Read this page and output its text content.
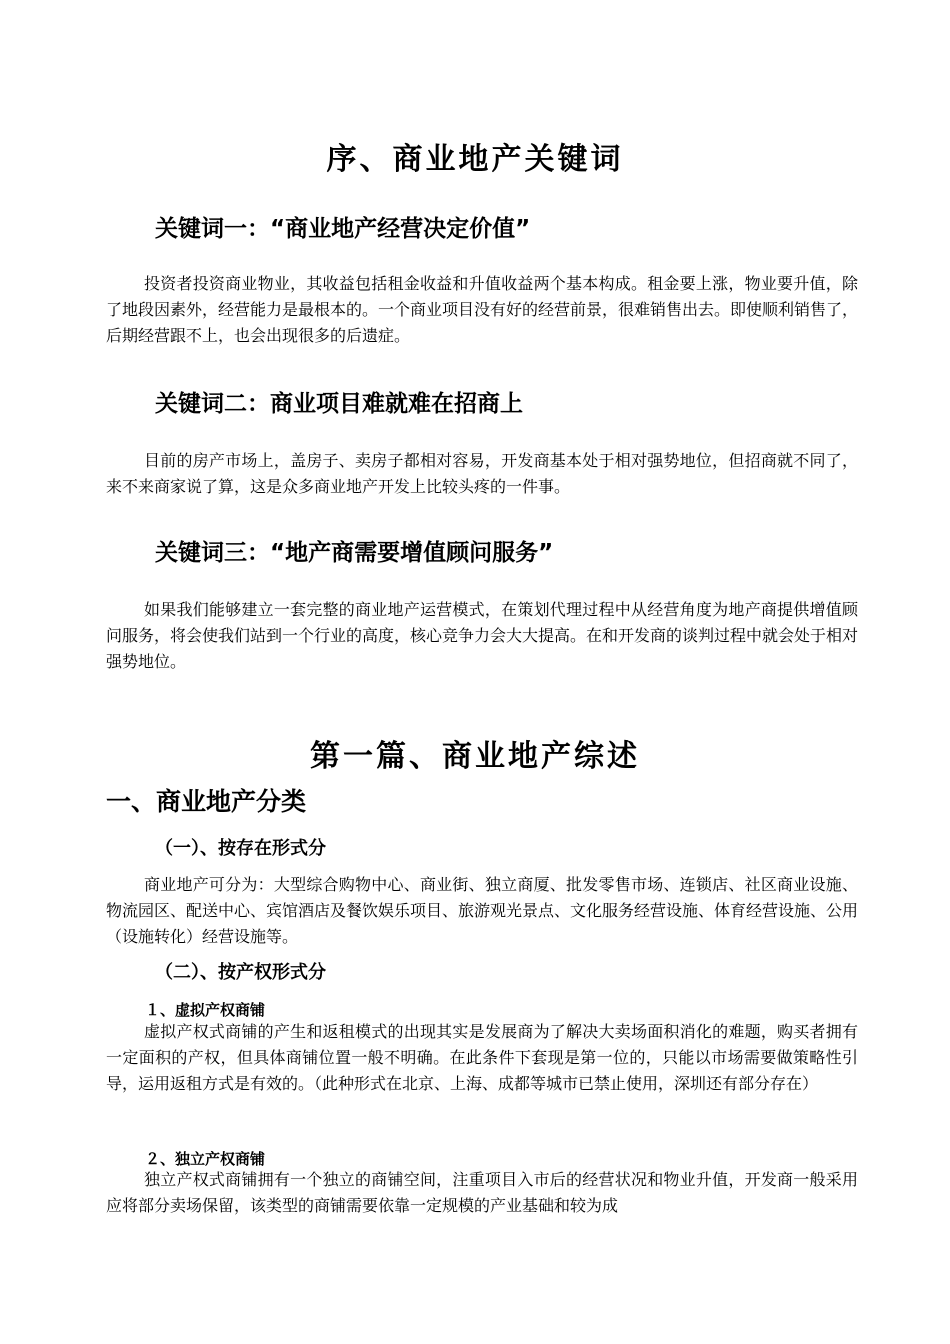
序、商业地产关键词
关键词一：“商业地产经营决定价值”

投资者投资商业物业，其收益包括租金收益和升值收益两个基本构成。租金要上涨，物业要升值，除了地段因素外，经营能力是最根本的。一个商业项目没有好的经营前景，很难销售出去。即使顺利销售了，后期经营跟不上，也会出现很多的后遗症。

关键词二：商业项目难就难在招商上

目前的房产市场上，盖房子、卖房子都相对容易，开发商基本处于相对强势地位，但招商就不同了，来不来商家说了算，这是众多商业地产开发上比较头疼的一件事。

关键词三：“地产商需要增值顾问服务”

如果我们能够建立一套完整的商业地产运营模式，在策划代理过程中从经营角度为地产商提供增值顾问服务，将会使我们站到一个行业的高度，核心竞争力会大大提高。在和开发商的谈判过程中就会处于相对强势地位。

第一篇、商业地产综述
一、商业地产分类
（一）、按存在形式分

商业地产可分为：大型综合购物中心、商业街、独立商厦、批发零售市场、连锁店、社区商业设施、物流园区、配送中心、宾馆酒店及餐饮娱乐项目、旅游观光景点、文化服务经营设施、体育经营设施、公用（设施转化）经营设施等。

（二）、按产权形式分
１、虚拟产权商铺

虚拟产权式商铺的产生和返租模式的出现其实是发展商为了解决大卖场面积消化的难题，购买者拥有一定面积的产权，但具体商铺位置一般不明确。在此条件下套现是第一位的，只能以市场需要做策略性引导，运用返租方式是有效的。（此种形式在北京、上海、成都等城市已禁止使用，深圳还有部分存在）

２、独立产权商铺

独立产权式商铺拥有一个独立的商铺空间，注重项目入市后的经营状况和物业升值，开发商一般采用应将部分卖场保留，该类型的商铺需要依靠一定规模的产业基础和较为成
